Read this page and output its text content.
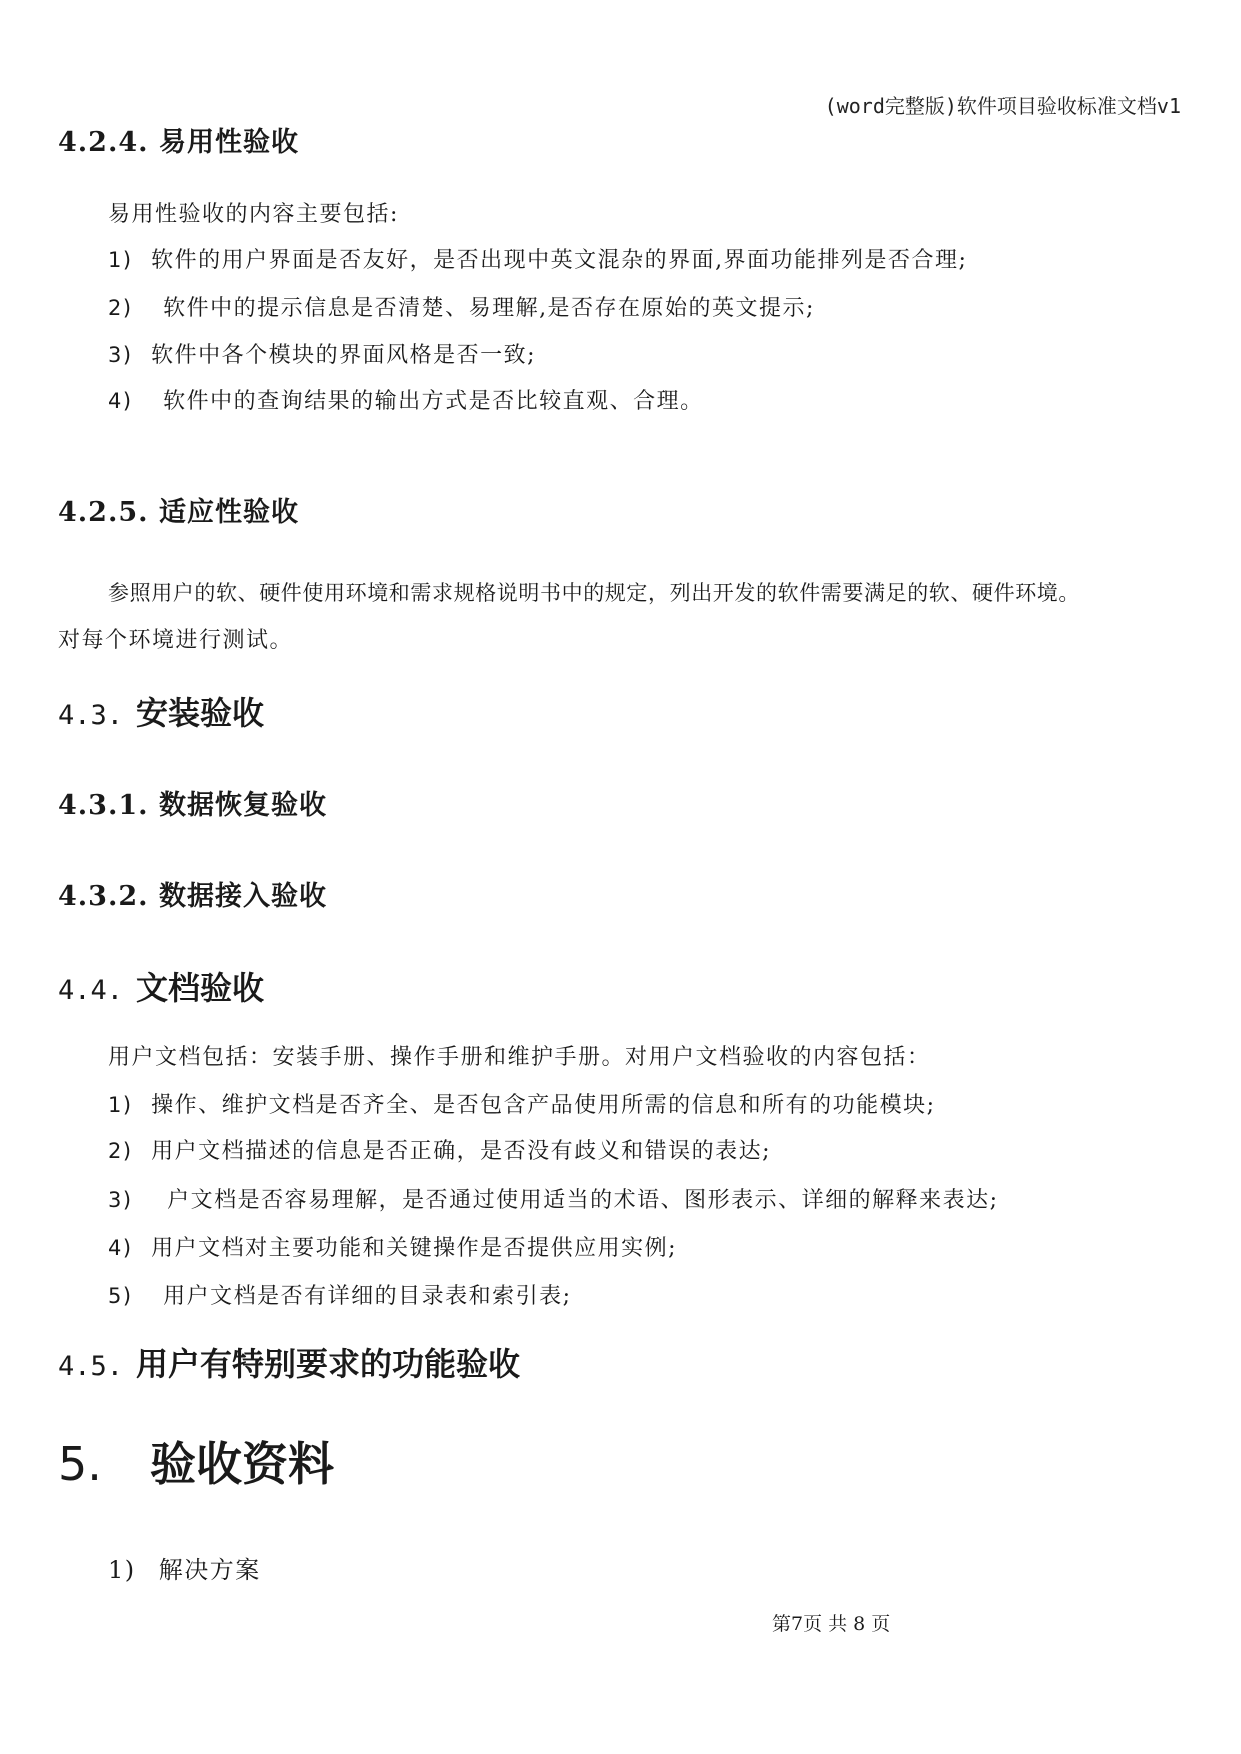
(word完整版)软件项目验收标准文档v1
4.2.4. 易用性验收
易用性验收的内容主要包括:
1) 软件的用户界面是否友好，是否出现中英文混杂的界面,界面功能排列是否合理;
2) 软件中的提示信息是否清楚、易理解,是否存在原始的英文提示;
3) 软件中各个模块的界面风格是否一致;
4) 软件中的查询结果的输出方式是否比较直观、合理。
4.2.5. 适应性验收
参照用户的软、硬件使用环境和需求规格说明书中的规定，列出开发的软件需要满足的软、硬件环境。
对每个环境进行测试。
4.3. 安装验收
4.3.1. 数据恢复验收
4.3.2. 数据接入验收
4.4. 文档验收
用户文档包括：安装手册、操作手册和维护手册。对用户文档验收的内容包括：
1) 操作、维护文档是否齐全、是否包含产品使用所需的信息和所有的功能模块;
2) 用户文档描述的信息是否正确，是否没有歧义和错误的表达;
3) 户文档是否容易理解，是否通过使用适当的术语、图形表示、详细的解释来表达;
4) 用户文档对主要功能和关键操作是否提供应用实例;
5) 用户文档是否有详细的目录表和索引表;
4.5. 用户有特别要求的功能验收
5. 验收资料
1) 解决方案
第7页 共 8 页
